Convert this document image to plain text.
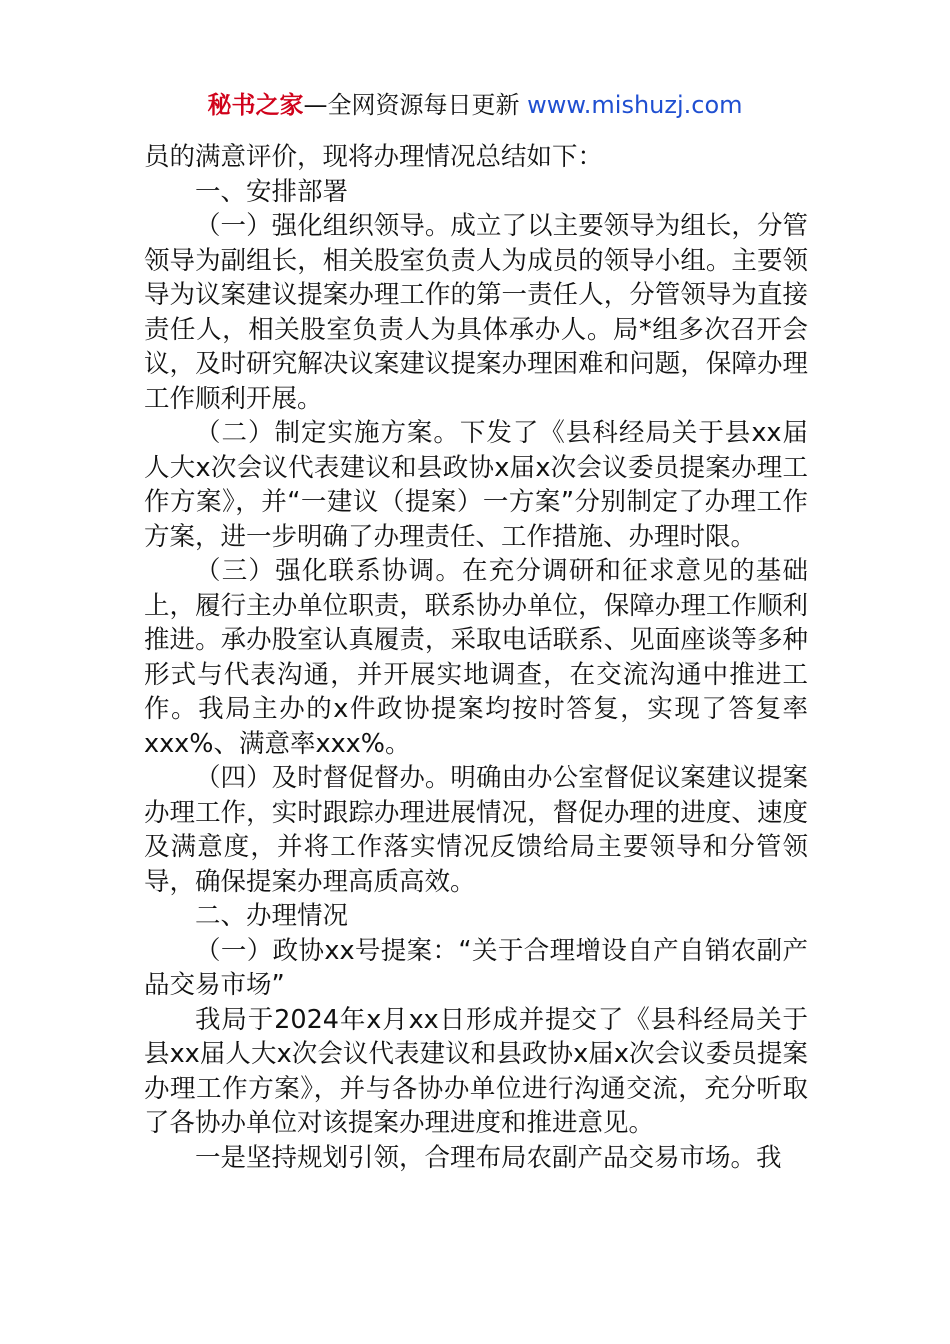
秘书之家—全网资源每日更新 www.mishuzj.com

员的满意评价，现将办理情况总结如下：

一、安排部署

（一）强化组织领导。成立了以主要领导为组长，分管领导为副组长，相关股室负责人为成员的领导小组。主要领导为议案建议提案办理工作的第一责任人，分管领导为直接责任人，相关股室负责人为具体承办人。局*组多次召开会议，及时研究解决议案建议提案办理困难和问题，保障办理工作顺利开展。

（二）制定实施方案。下发了《县科经局关于县xx届人大x次会议代表建议和县政协x届x次会议委员提案办理工作方案》，并“一建议（提案）一方案”分别制定了办理工作方案，进一步明确了办理责任、工作措施、办理时限。

（三）强化联系协调。在充分调研和征求意见的基础上，履行主办单位职责，联系协办单位，保障办理工作顺利推进。承办股室认真履责，采取电话联系、见面座谈等多种形式与代表沟通，并开展实地调查，在交流沟通中推进工作。我局主办的x件政协提案均按时答复，实现了答复率xxx%、满意率xxx%。

（四）及时督促督办。明确由办公室督促议案建议提案办理工作，实时跟踪办理进展情况，督促办理的进度、速度及满意度，并将工作落实情况反馈给局主要领导和分管领导，确保提案办理高质高效。

二、办理情况

（一）政协xx号提案：“关于合理增设自产自销农副产品交易市场”

我局于2024年x月xx日形成并提交了《县科经局关于县xx届人大x次会议代表建议和县政协x届x次会议委员提案办理工作方案》，并与各协办单位进行沟通交流，充分听取了各协办单位对该提案办理进度和推进意见。

一是坚持规划引领，合理布局农副产品交易市场。我
